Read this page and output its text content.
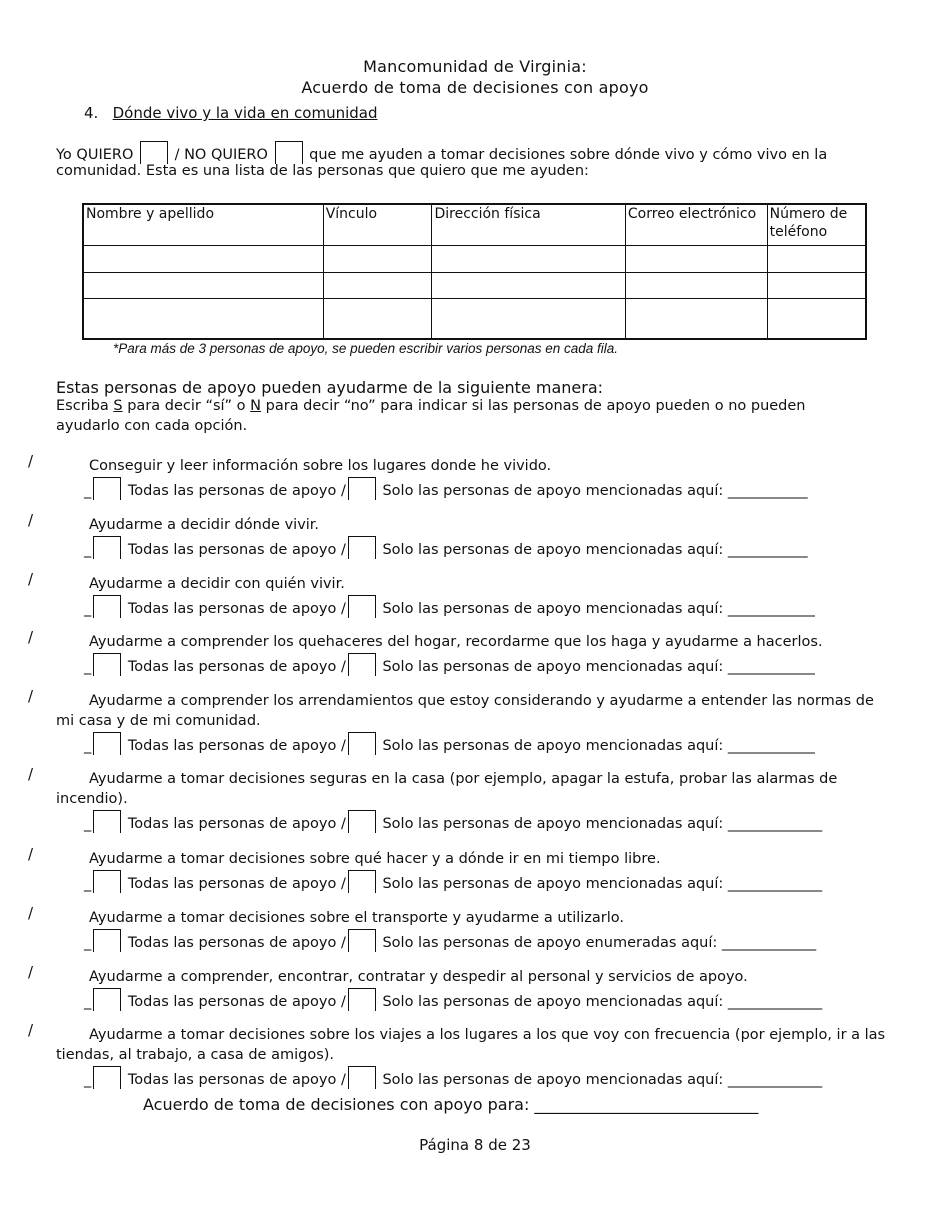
Mancomunidad de Virginia:
Acuerdo de toma de decisiones con apoyo
4. Dónde vivo y la vida en comunidad
Yo QUIERO	/ NO QUIERO	que me ayuden a tomar decisiones sobre dónde vivo y cómo vivo en la
comunidad. Esta es una lista de las personas que quiero que me ayuden:
Nombre y apellido	Vínculo	Dirección física	Correo electrónico	Número de teléfono

*Para más de 3 personas de apoyo, se pueden escribir varios personas en cada fila.
Estas personas de apoyo pueden ayudarme de la siguiente manera:
Escriba S para decir “sí” o N para decir “no” para indicar si las personas de apoyo pueden o no pueden
ayudarlo con cada opción.
/	Conseguir y leer información sobre los lugares donde he vivido.
_	Todas las personas de apoyo /	Solo las personas de apoyo mencionadas aquí: ___________
/	Ayudarme a decidir dónde vivir.
_	Todas las personas de apoyo /	Solo las personas de apoyo mencionadas aquí: ___________
/	Ayudarme a decidir con quién vivir.
_	Todas las personas de apoyo /	Solo las personas de apoyo mencionadas aquí: ____________
/	Ayudarme a comprender los quehaceres del hogar, recordarme que los haga y ayudarme a hacerlos.
_	Todas las personas de apoyo /	Solo las personas de apoyo mencionadas aquí: ____________
/	Ayudarme a comprender los arrendamientos que estoy considerando y ayudarme a entender las normas de mi casa y de mi comunidad.
_	Todas las personas de apoyo /	Solo las personas de apoyo mencionadas aquí: ____________
/	Ayudarme a tomar decisiones seguras en la casa (por ejemplo, apagar la estufa, probar las alarmas de incendio).
_	Todas las personas de apoyo /	Solo las personas de apoyo mencionadas aquí: _____________
/	Ayudarme a tomar decisiones sobre qué hacer y a dónde ir en mi tiempo libre.
_	Todas las personas de apoyo /	Solo las personas de apoyo mencionadas aquí: _____________
/	Ayudarme a tomar decisiones sobre el transporte y ayudarme a utilizarlo.
_	Todas las personas de apoyo /	Solo las personas de apoyo enumeradas aquí: _____________
/	Ayudarme a comprender, encontrar, contratar y despedir al personal y servicios de apoyo.
_	Todas las personas de apoyo /	Solo las personas de apoyo mencionadas aquí: _____________
/	Ayudarme a tomar decisiones sobre los viajes a los lugares a los que voy con frecuencia (por ejemplo, ir a las tiendas, al trabajo, a casa de amigos).
_	Todas las personas de apoyo /	Solo las personas de apoyo mencionadas aquí: _____________
Acuerdo de toma de decisiones con apoyo para: ____________________________
Página 8 de 23
